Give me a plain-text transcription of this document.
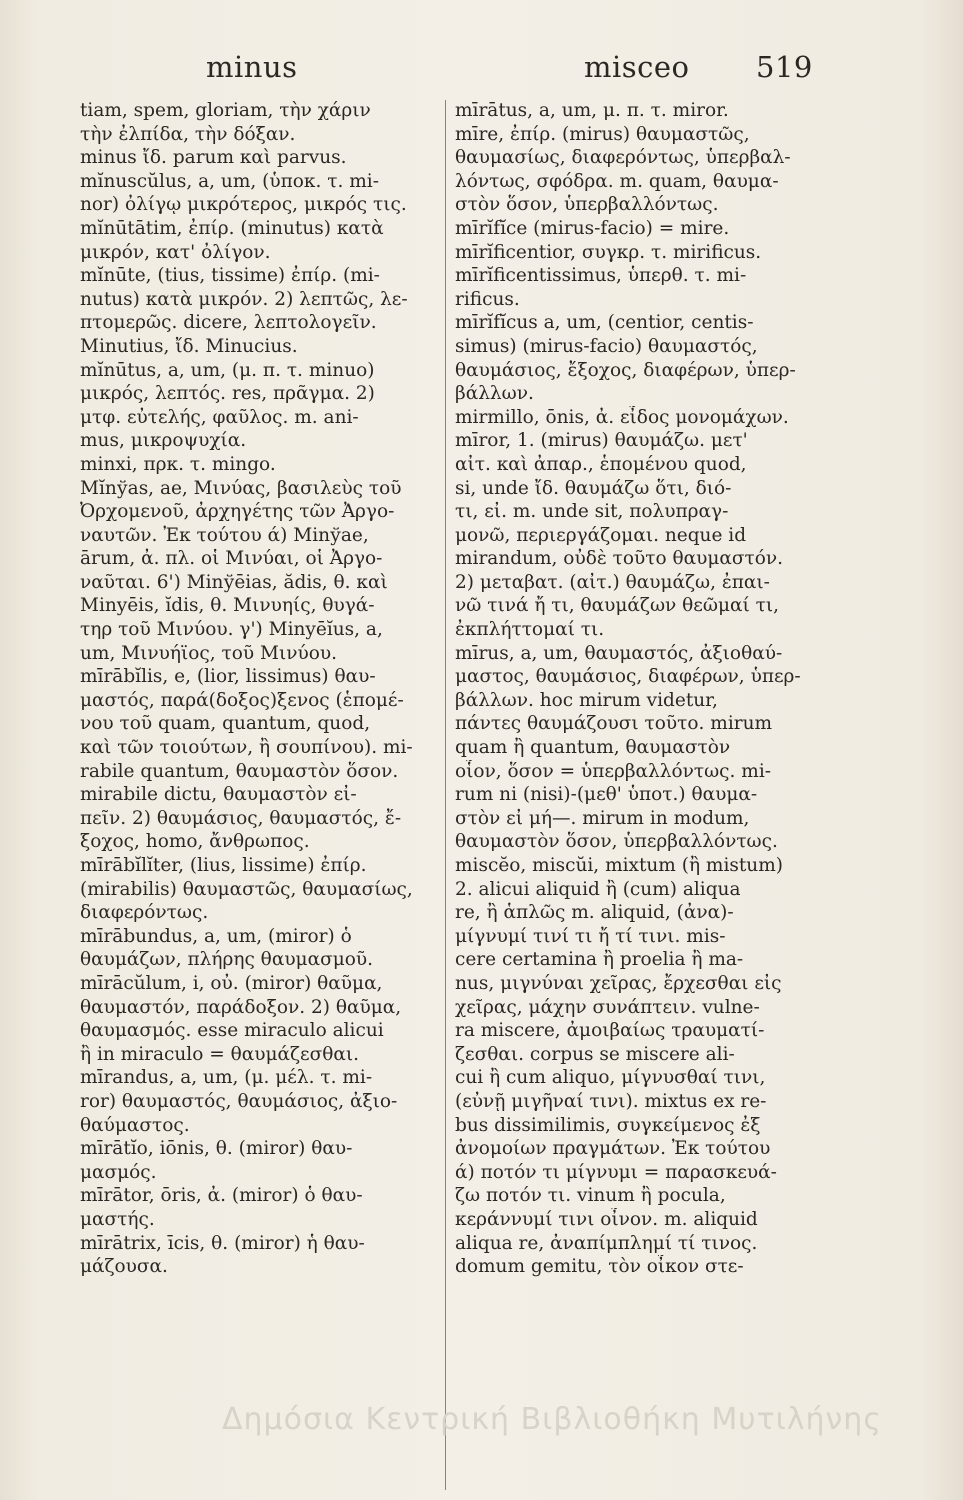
minus	misceo 519
tiam, spem, gloriam, τὴν χάριν
τὴν ἐλπίδα, τὴν δόξαν.
minus ἴδ. parum καὶ parvus.
mĭnuscŭlus, a, um, (ὑποκ. τ. mi-
nor) ὀλίγῳ μικρότερος, μικρός τις.
mĭnūtātim, ἐπίρ. (minutus) κατὰ
μικρόν, κατ' ὀλίγον.
mĭnūte, (tius, tissime) ἐπίρ. (mi-
nutus) κατὰ μικρόν. 2) λεπτῶς, λε-
πτομερῶς. dicere, λεπτολογεῖν.
Minutius, ἴδ. Minucius.
mĭnūtus, a, um, (μ. π. τ. minuo)
μικρός, λεπτός. res, πρᾶγμα. 2)
μτφ. εὐτελής, φαῦλος. m. ani-
mus, μικροψυχία.
minxi, πρκ. τ. mingo.
Mĭnўas, ae, Μινύας, βασιλεὺς τοῦ
Ὀρχομενοῦ, ἀρχηγέτης τῶν Ἀργο-
ναυτῶν. Ἐκ τούτου ά) Minўae,
ārum, ἀ. πλ. οἱ Μινύαι, οἱ Ἀργο-
ναῦται. 6') Minўēias, ădis, θ. καὶ
Minyēis, ĭdis, θ. Μινυηίς, θυγά-
τηρ τοῦ Μινύου. γ') Minyēĭus, a,
um, Μινυήϊος, τοῦ Μινύου.
mīrābĭlis, e, (lior, lissimus) θαυ-
μαστός, παρά(δοξος)ξενος (ἑπομέ-
νου τοῦ quam, quantum, quod,
καὶ τῶν τοιούτων, ἢ σουπίνου). mi-
rabile quantum, θαυμαστὸν ὅσον.
mirabile dictu, θαυμαστὸν εἰ-
πεῖν. 2) θαυμάσιος, θαυμαστός, ἔ-
ξοχος, homo, ἄνθρωπος.
mīrābĭlĭter, (lius, lissime) ἐπίρ.
(mirabilis) θαυμαστῶς, θαυμασίως,
διαφερόντως.
mīrābundus, a, um, (miror) ὁ
θαυμάζων, πλήρης θαυμασμοῦ.
mīrācŭlum, i, οὐ. (miror) θαῦμα,
θαυμαστόν, παράδοξον. 2) θαῦμα,
θαυμασμός. esse miraculo alicui
ἢ in miraculo = θαυμάζεσθαι.
mīrandus, a, um, (μ. μέλ. τ. mi-
ror) θαυμαστός, θαυμάσιος, ἀξιο-
θαύμαστος.
mīrātĭo, iōnis, θ. (miror) θαυ-
μασμός.
mīrātor, ōris, ἀ. (miror) ὁ θαυ-
μαστής.
mīrātrix, īcis, θ. (miror) ἡ θαυ-
μάζουσα.
mīrātus, a, um, μ. π. τ. miror.
mīre, ἐπίρ. (mirus) θαυμαστῶς,
θαυμασίως, διαφερόντως, ὑπερβαλ-
λόντως, σφόδρα. m. quam, θαυμα-
στὸν ὅσον, ὑπερβαλλόντως.
mīrĭfĭce (mirus-facio) = mire.
mīrĭficentior, συγκρ. τ. mirificus.
mīrĭficentissimus, ὑπερθ. τ. mi-
rificus.
mīrĭfĭcus a, um, (centior, centis-
simus) (mirus-facio) θαυμαστός,
θαυμάσιος, ἔξοχος, διαφέρων, ὑπερ-
βάλλων.
mirmillo, ōnis, ἀ. εἶδος μονομάχων.
mīror, 1. (mirus) θαυμάζω. μετ'
αἰτ. καὶ ἀπαρ., ἑπομένου quod,
si, unde ἴδ. θαυμάζω ὅτι, διό-
τι, εἰ. m. unde sit, πολυπραγ-
μονῶ, περιεργάζομαι. neque id
mirandum, οὐδὲ τοῦτο θαυμαστόν.
2) μεταβατ. (αἰτ.) θαυμάζω, ἐπαι-
νῶ τινά ἤ τι, θαυμάζων θεῶμαί τι,
ἐκπλήττομαί τι.
mīrus, a, um, θαυμαστός, ἀξιοθαύ-
μαστος, θαυμάσιος, διαφέρων, ὑπερ-
βάλλων. hoc mirum videtur,
πάντες θαυμάζουσι τοῦτο. mirum
quam ἢ quantum, θαυμαστὸν
οἷον, ὅσον = ὑπερβαλλόντως. mi-
rum ni (nisi)-(μεθ' ὑποτ.) θαυμα-
στὸν εἰ μή—. mirum in modum,
θαυμαστὸν ὅσον, ὑπερβαλλόντως.
miscĕo, miscŭi, mixtum (ἢ mistum)
2. alicui aliquid ἢ (cum) aliqua
re, ἢ ἁπλῶς m. aliquid, (ἀνα)-
μίγνυμί τινί τι ἤ τί τινι. mis-
cere certamina ἢ proelia ἢ ma-
nus, μιγνύναι χεῖρας, ἔρχεσθαι εἰς
χεῖρας, μάχην συνάπτειν. vulne-
ra miscere, ἀμοιβαίως τραυματί-
ζεσθαι. corpus se miscere ali-
cui ἢ cum aliquo, μίγνυσθαί τινι,
(εὐνῇ μιγῆναί τινι). mixtus ex re-
bus dissimilimis, συγκείμενος ἐξ
ἀνομοίων πραγμάτων. Ἐκ τούτου
ά) ποτόν τι μίγνυμι = παρασκευά-
ζω ποτόν τι. vinum ἢ pocula,
κεράννυμί τινι οἶνον. m. aliquid
aliqua re, ἀναπίμπλημί τί τινος.
domum gemitu, τὸν οἶκον στε-
Δημόσια Κεντρική Βιβλιοθήκη Μυτιλήνης
